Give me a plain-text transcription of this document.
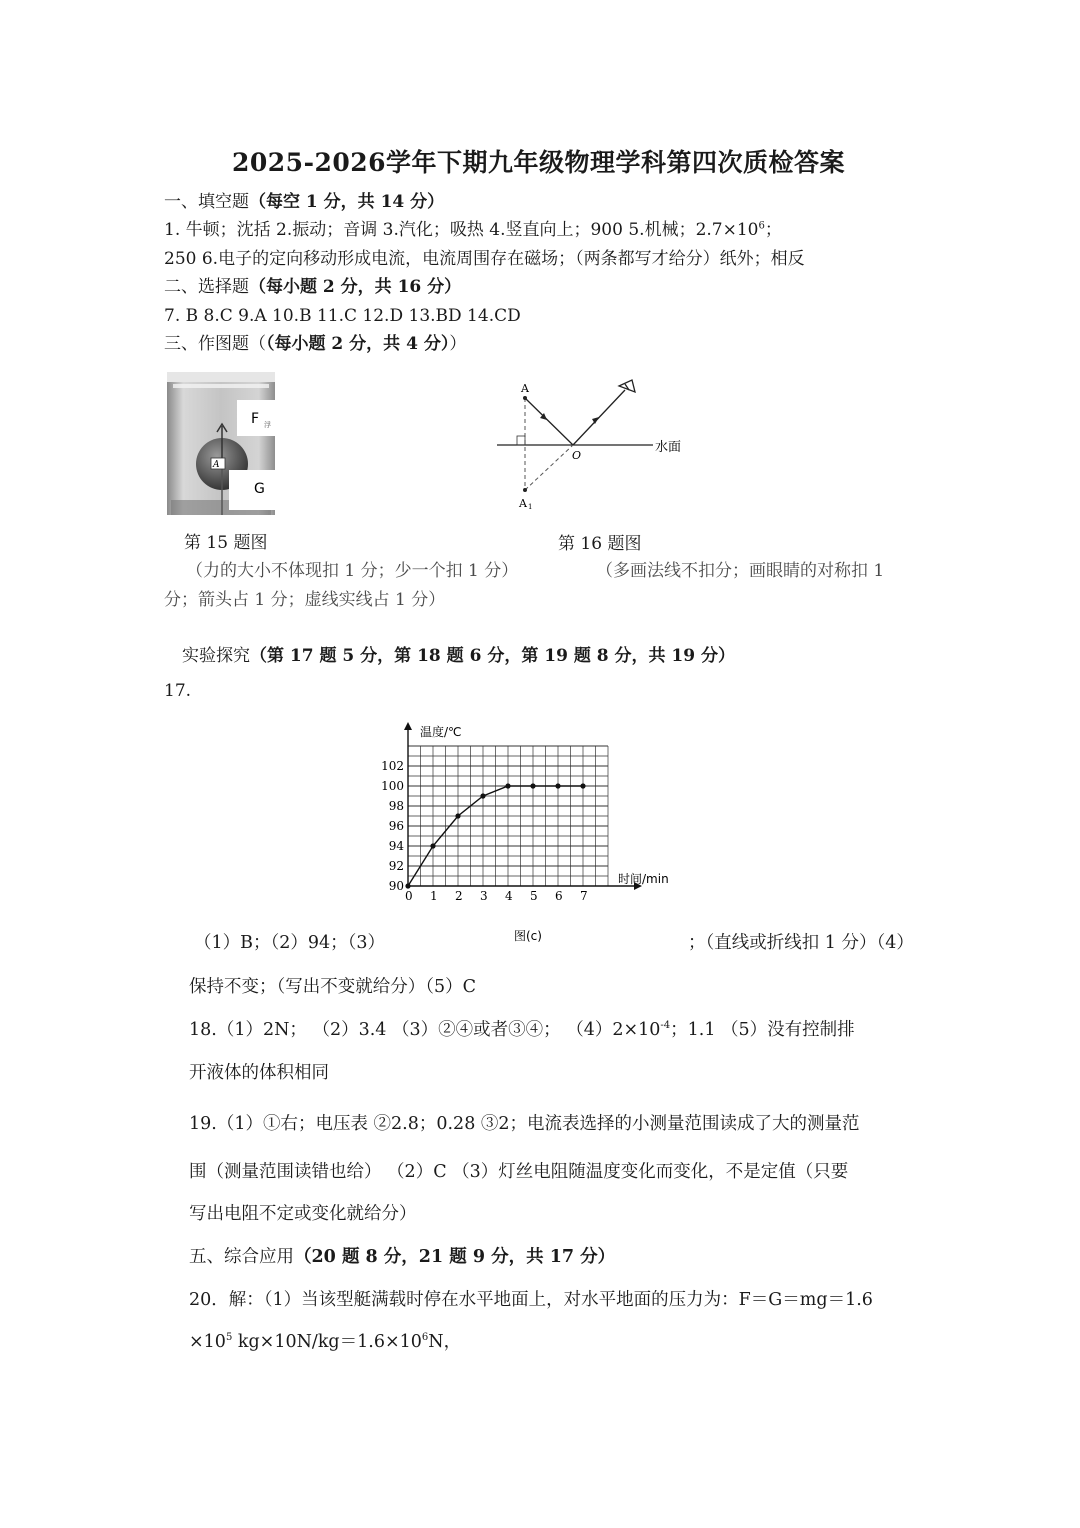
2025-2026学年下期九年级物理学科第四次质检答案
一、填空题（每空 1 分，共 14 分）
1. 牛顿；沈括 2.振动；音调 3.汽化；吸热 4.竖直向上；900 5.机械；$2.7\times 10^6$；
250 6.电子的定向移动形成电流，电流周围存在磁场；（两条都写才给分）纸外；相反
二、选择题（每小题 2 分，共 16 分）
7. B 8.C 9.A 10.B 11.C 12.D 13.BD 14.CD
三、作图题（（每小题 2 分，共 4 分））
A
F 浮
G
第 15 题图
A
A 1
O
水面
第 16 题图
（力的大小不体现扣 1 分；少一个扣 1 分）	（多画法线不扣分；画眼睛的对称扣 1
分；箭头占 1 分；虚线实线占 1 分）
实验探究（第 17 题 5 分，第 18 题 6 分，第 19 题 8 分，共 19 分）
17.
0 1 2 3 4 5 6 7
90
92
94
96
98
100
102
温度/℃
时间/min
图(c)
（1）B；（2）94；（3）	；（直线或折线扣 1 分）（4）
保持不变；（写出不变就给分）（5）C
18.（1）2N； （2）3.4 （3）②④或者③④； $(4)2\times 10^{-4}$；1.1 （5）没有控制排
开液体的体积相同
19.（1）①右；电压表 ②2.8；0.28 ③2；电流表选择的小测量范围读成了大的测量范
围（测量范围读错也给） （2）C （3）灯丝电阻随温度变化而变化，不是定值（只要
写出电阻不定或变化就给分）
五、综合应用（20 题 8 分，21 题 9 分，共 17 分）
20．解：（1）当该型艇满载时停在水平地面上，对水平地面的压力为：F＝G＝mg＝1.6
$\times 10^5$ $kg\times 10N/kg=1.6\times 10^6N$，
